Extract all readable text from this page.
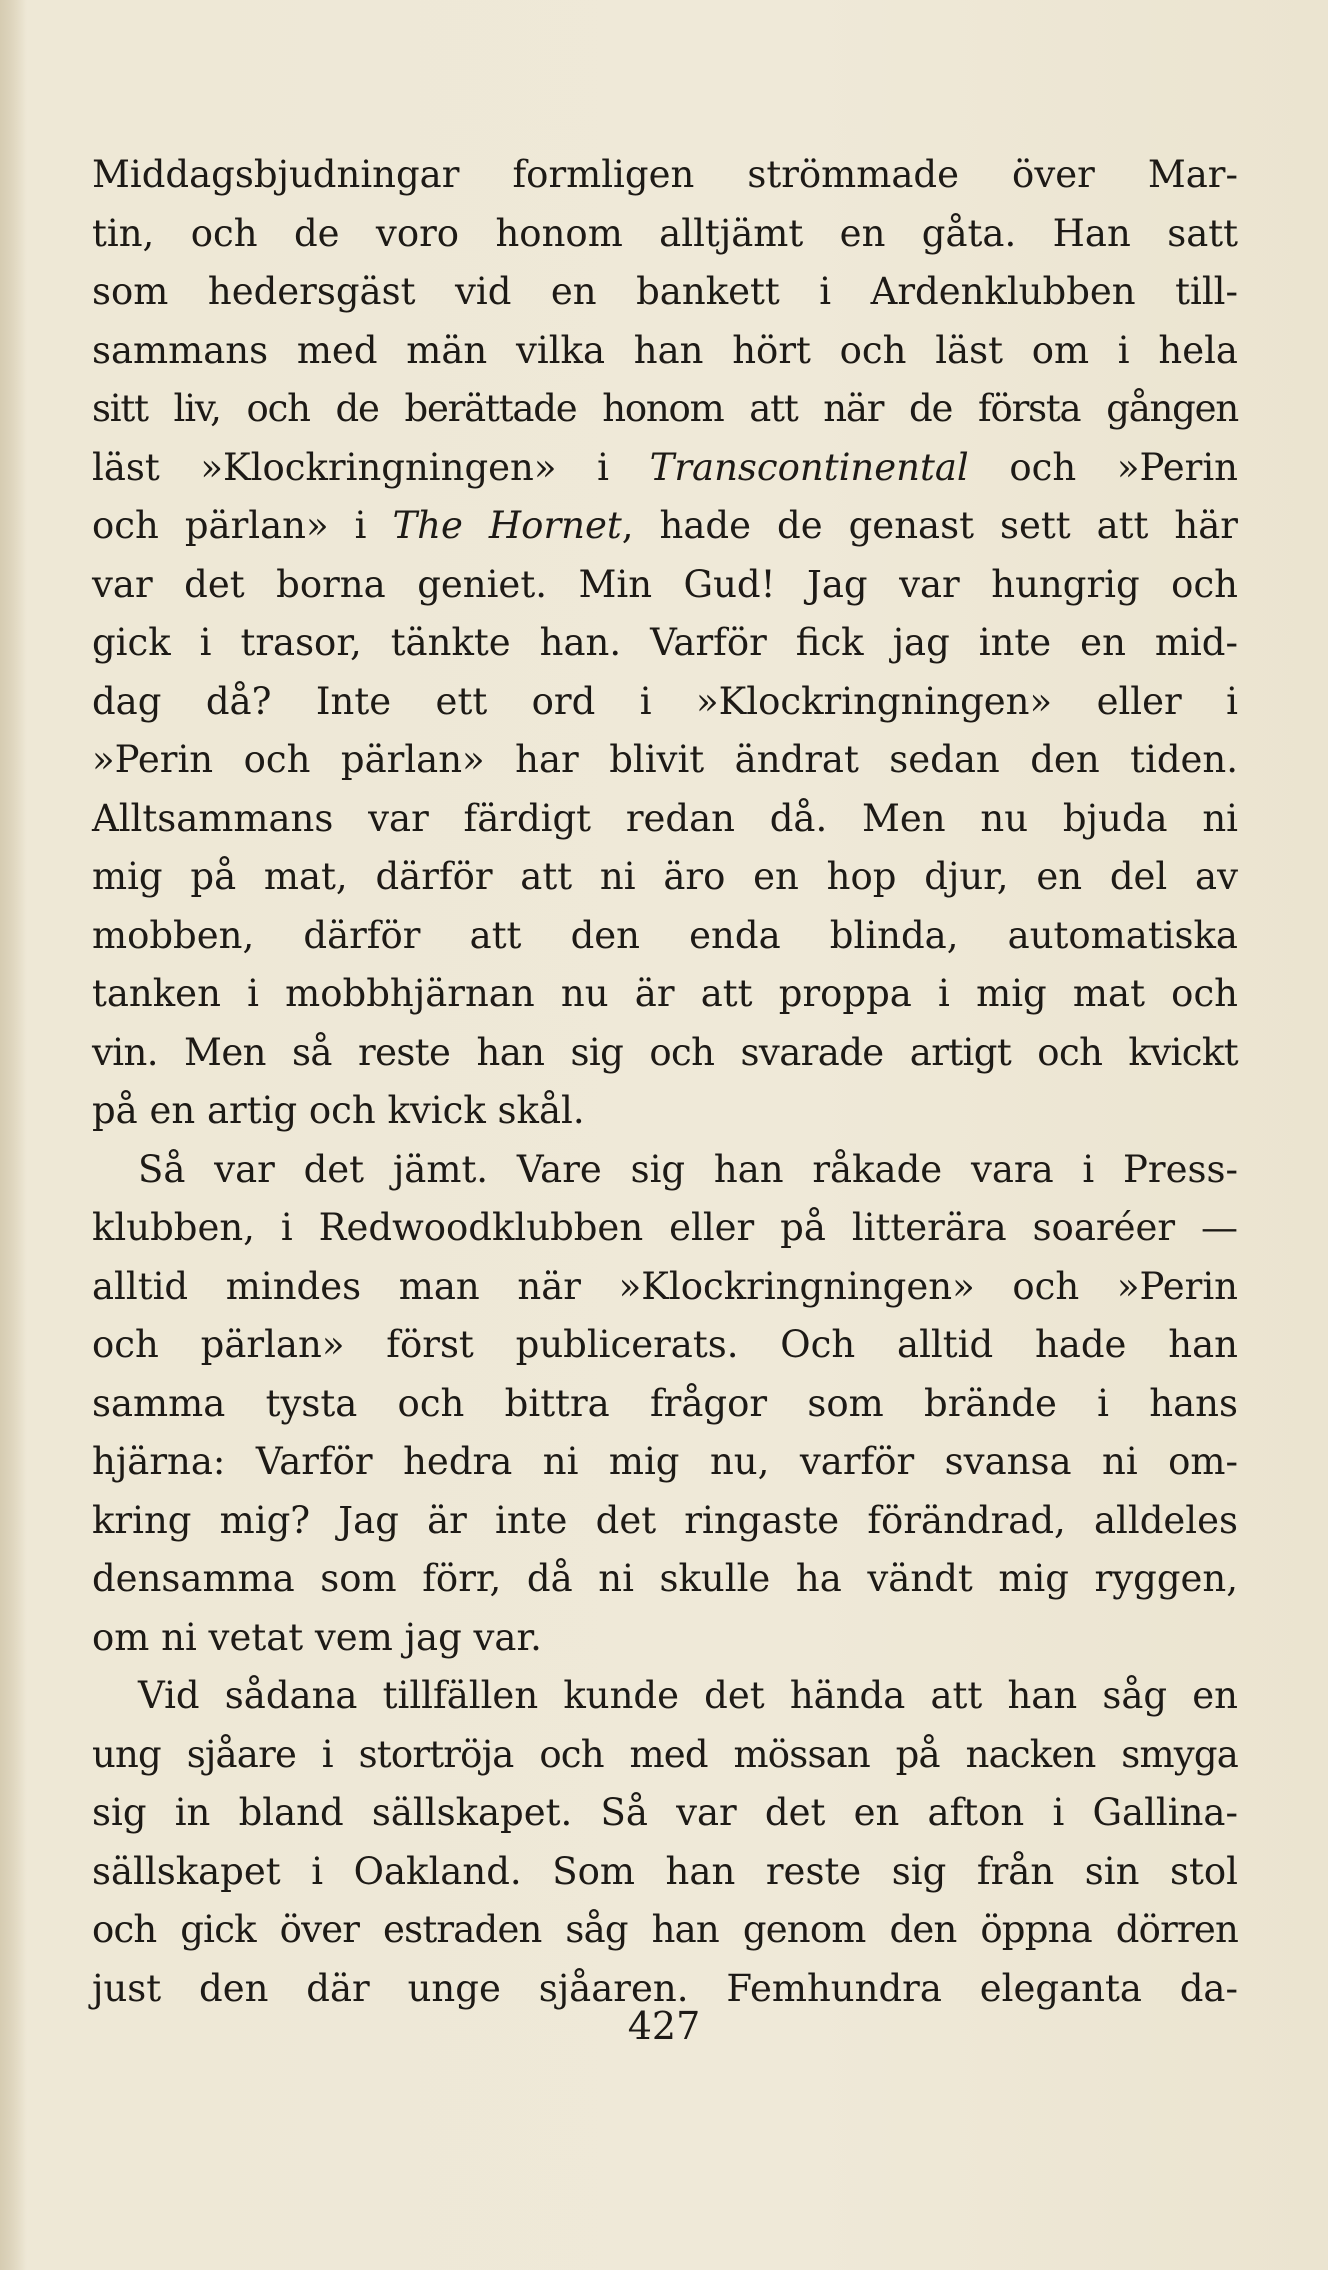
Middagsbjudningar formligen strömmade över Mar-
tin, och de voro honom alltjämt en gåta. Han satt
som hedersgäst vid en bankett i Ardenklubben till-
sammans med män vilka han hört och läst om i hela
sitt liv, och de berättade honom att när de första gången
läst »Klockringningen» i Transcontinental och »Perin
och pärlan» i The Hornet, hade de genast sett att här
var det borna geniet. Min Gud! Jag var hungrig och
gick i trasor, tänkte han. Varför fick jag inte en mid-
dag då? Inte ett ord i »Klockringningen» eller i
»Perin och pärlan» har blivit ändrat sedan den tiden.
Alltsammans var färdigt redan då. Men nu bjuda ni
mig på mat, därför att ni äro en hop djur, en del av
mobben, därför att den enda blinda, automatiska
tanken i mobbhjärnan nu är att proppa i mig mat och
vin. Men så reste han sig och svarade artigt och kvickt
på en artig och kvick skål.
Så var det jämt. Vare sig han råkade vara i Press-
klubben, i Redwoodklubben eller på litterära soaréer —
alltid mindes man när »Klockringningen» och »Perin
och pärlan» först publicerats. Och alltid hade han
samma tysta och bittra frågor som brände i hans
hjärna: Varför hedra ni mig nu, varför svansa ni om-
kring mig? Jag är inte det ringaste förändrad, alldeles
densamma som förr, då ni skulle ha vändt mig ryggen,
om ni vetat vem jag var.
Vid sådana tillfällen kunde det hända att han såg en
ung sjåare i stortröja och med mössan på nacken smyga
sig in bland sällskapet. Så var det en afton i Gallina-
sällskapet i Oakland. Som han reste sig från sin stol
och gick över estraden såg han genom den öppna dörren
just den där unge sjåaren. Femhundra eleganta da-
427
